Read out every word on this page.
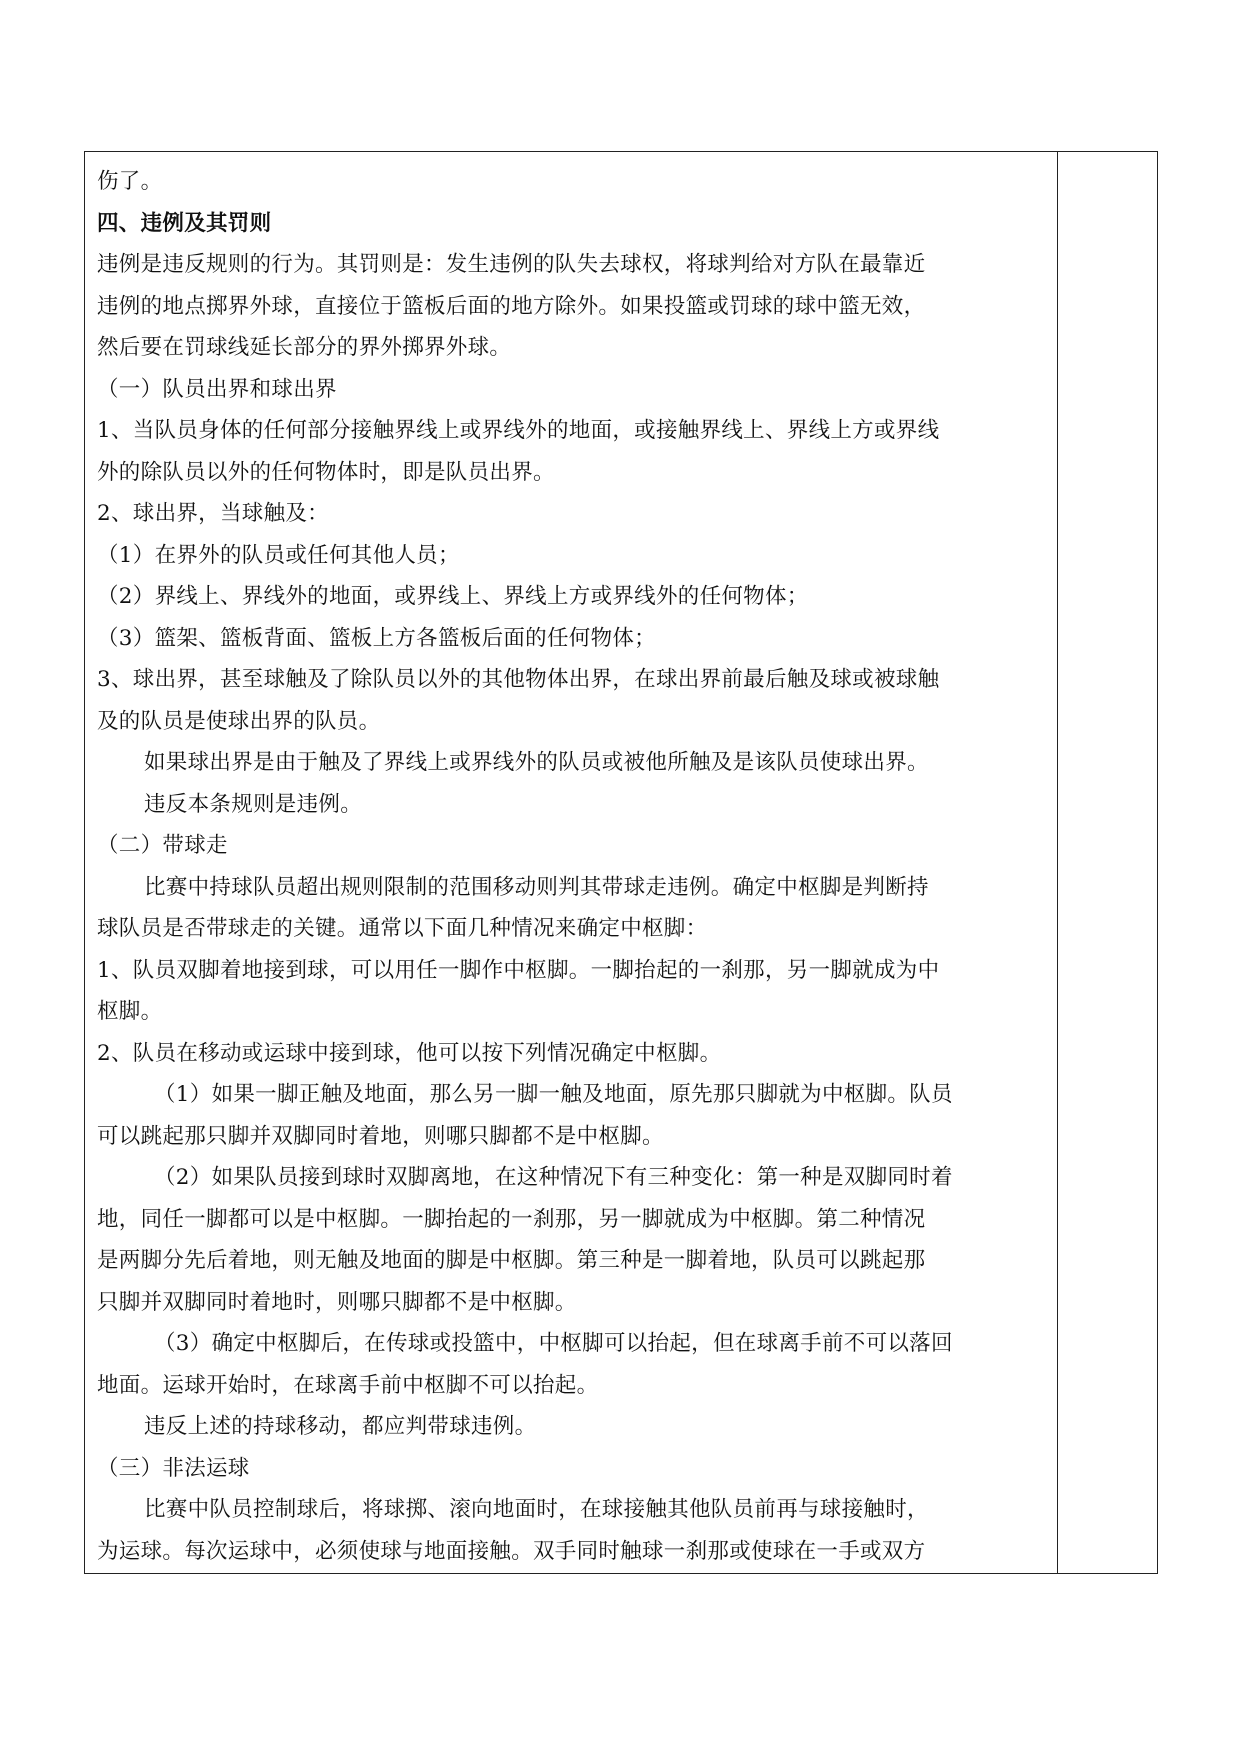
伤了。
四、违例及其罚则
违例是违反规则的行为。其罚则是：发生违例的队失去球权，将球判给对方队在最靠近
违例的地点掷界外球，直接位于篮板后面的地方除外。如果投篮或罚球的球中篮无效，
然后要在罚球线延长部分的界外掷界外球。
（一）队员出界和球出界
1、当队员身体的任何部分接触界线上或界线外的地面，或接触界线上、界线上方或界线
外的除队员以外的任何物体时，即是队员出界。
2、球出界，当球触及：
（1）在界外的队员或任何其他人员；
（2）界线上、界线外的地面，或界线上、界线上方或界线外的任何物体；
（3）篮架、篮板背面、篮板上方各篮板后面的任何物体；
3、球出界，甚至球触及了除队员以外的其他物体出界，在球出界前最后触及球或被球触
及的队员是使球出界的队员。
如果球出界是由于触及了界线上或界线外的队员或被他所触及是该队员使球出界。
违反本条规则是违例。
（二）带球走
比赛中持球队员超出规则限制的范围移动则判其带球走违例。确定中枢脚是判断持
球队员是否带球走的关键。通常以下面几种情况来确定中枢脚：
1、队员双脚着地接到球，可以用任一脚作中枢脚。一脚抬起的一刹那，另一脚就成为中
枢脚。
2、队员在移动或运球中接到球，他可以按下列情况确定中枢脚。
（1）如果一脚正触及地面，那么另一脚一触及地面，原先那只脚就为中枢脚。队员
可以跳起那只脚并双脚同时着地，则哪只脚都不是中枢脚。
（2）如果队员接到球时双脚离地，在这种情况下有三种变化：第一种是双脚同时着
地，同任一脚都可以是中枢脚。一脚抬起的一刹那，另一脚就成为中枢脚。第二种情况
是两脚分先后着地，则无触及地面的脚是中枢脚。第三种是一脚着地，队员可以跳起那
只脚并双脚同时着地时，则哪只脚都不是中枢脚。
（3）确定中枢脚后，在传球或投篮中，中枢脚可以抬起，但在球离手前不可以落回
地面。运球开始时，在球离手前中枢脚不可以抬起。
违反上述的持球移动，都应判带球违例。
（三）非法运球
比赛中队员控制球后，将球掷、滚向地面时，在球接触其他队员前再与球接触时，
为运球。每次运球中，必须使球与地面接触。双手同时触球一刹那或使球在一手或双方
